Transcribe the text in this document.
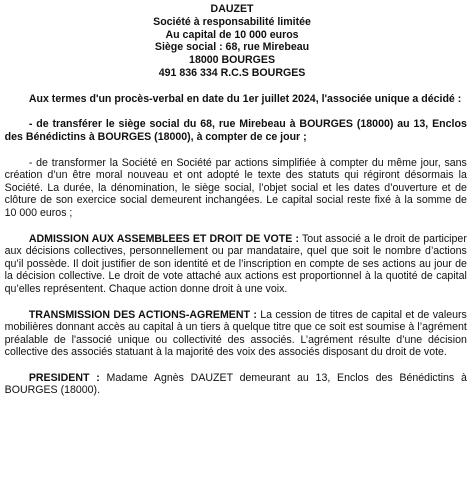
DAUZET
Société à responsabilité limitée
Au capital de 10 000 euros
Siège social : 68, rue Mirebeau
18000 BOURGES
491 836 334 R.C.S BOURGES

Aux termes d'un procès-verbal en date du 1er juillet 2024, l'associée unique a décidé :

- de transférer le siège social du 68, rue Mirebeau à BOURGES (18000) au 13, Enclos des Bénédictins à BOURGES (18000), à compter de ce jour ;

- de transformer la Société en Société par actions simplifiée à compter du même jour, sans création d’un être moral nouveau et ont adopté le texte des statuts qui régiront désormais la Société. La durée, la dénomination, le siège social, l’objet social et les dates d’ouverture et de clôture de son exercice social demeurent inchangées. Le capital social reste fixé à la somme de 10 000 euros ;

ADMISSION AUX ASSEMBLEES ET DROIT DE VOTE : Tout associé a le droit de participer aux décisions collectives, personnellement ou par mandataire, quel que soit le nombre d’actions qu’il possède. Il doit justifier de son identité et de l’inscription en compte de ses actions au jour de la décision collective. Le droit de vote attaché aux actions est proportionnel à la quotité de capital qu’elles représentent. Chaque action donne droit à une voix.

TRANSMISSION DES ACTIONS-AGREMENT : La cession de titres de capital et de valeurs mobilières donnant accès au capital à un tiers à quelque titre que ce soit est soumise à l’agrément préalable de l'associé unique ou collectivité des associés. L’agrément résulte d’une décision collective des associés statuant à la majorité des voix des associés disposant du droit de vote.

PRESIDENT : Madame Agnès DAUZET demeurant au 13, Enclos des Bénédictins à BOURGES (18000).
